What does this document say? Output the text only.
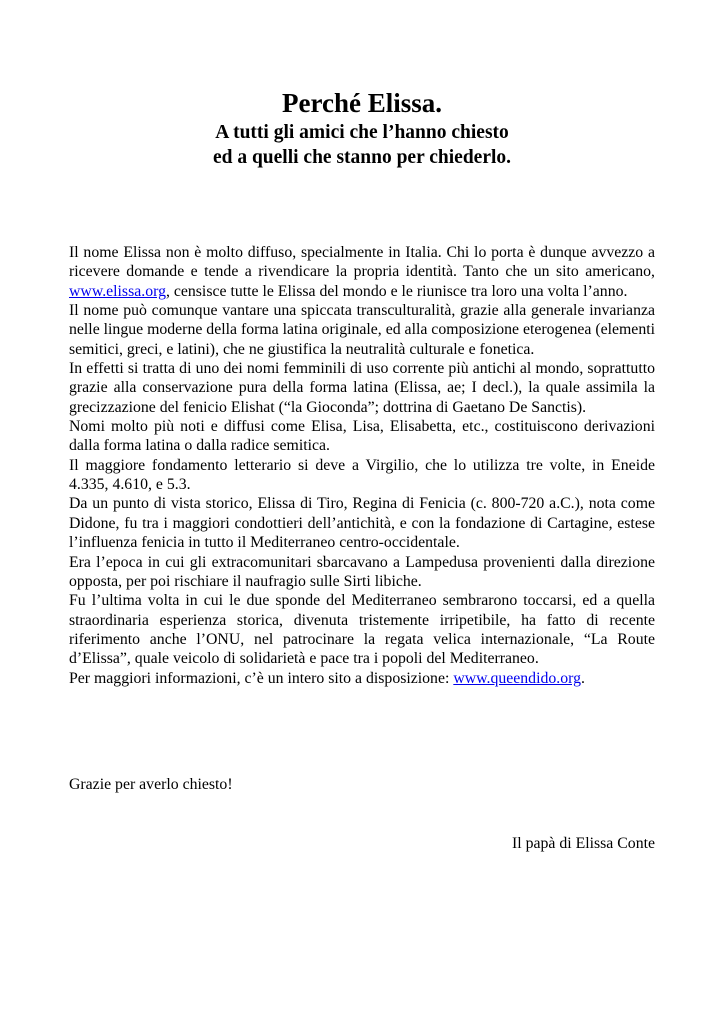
Perché Elissa.

A tutti gli amici che l’hanno chiesto

ed a quelli che stanno per chiederlo.

Il nome Elissa non è molto diffuso, specialmente in Italia. Chi lo porta è dunque avvezzo a ricevere domande e tende a rivendicare la propria identità. Tanto che un sito americano, www.elissa.org, censisce tutte le Elissa del mondo e le riunisce tra loro una volta l’anno.

Il nome può comunque vantare una spiccata transculturalità, grazie alla generale invarianza nelle lingue moderne della forma latina originale, ed alla composizione eterogenea (elementi semitici, greci, e latini), che ne giustifica la neutralità culturale e fonetica.

In effetti si tratta di uno dei nomi femminili di uso corrente più antichi al mondo, soprattutto grazie alla conservazione pura della forma latina (Elissa, ae; I decl.), la quale assimila la grecizzazione del fenicio Elishat (“la Gioconda”; dottrina di Gaetano De Sanctis).

Nomi molto più noti e diffusi come Elisa, Lisa, Elisabetta, etc., costituiscono derivazioni dalla forma latina o dalla radice semitica.

Il maggiore fondamento letterario si deve a Virgilio, che lo utilizza tre volte, in Eneide 4.335, 4.610, e 5.3.

Da un punto di vista storico, Elissa di Tiro, Regina di Fenicia (c. 800-720 a.C.), nota come Didone, fu tra i maggiori condottieri dell’antichità, e con la fondazione di Cartagine, estese l’influenza fenicia in tutto il Mediterraneo centro-occidentale.

Era l’epoca in cui gli extracomunitari sbarcavano a Lampedusa provenienti dalla direzione opposta, per poi rischiare il naufragio sulle Sirti libiche.

Fu l’ultima volta in cui le due sponde del Mediterraneo sembrarono toccarsi, ed a quella straordinaria esperienza storica, divenuta tristemente irripetibile, ha fatto di recente riferimento anche l’ONU, nel patrocinare la regata velica internazionale, “La Route d’Elissa”, quale veicolo di solidarietà e pace tra i popoli del Mediterraneo.

Per maggiori informazioni, c’è un intero sito a disposizione: www.queendido.org.

Grazie per averlo chiesto!
Il papà di Elissa Conte
